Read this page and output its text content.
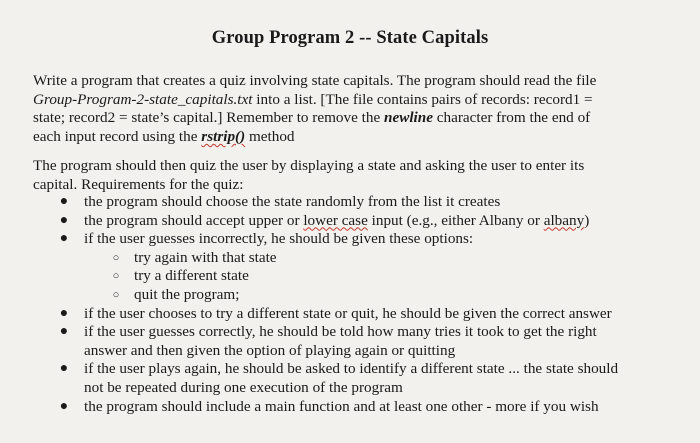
Group Program 2 -- State Capitals
Write a program that creates a quiz involving state capitals. The program should read the file
Group-Program-2-state_capitals.txt into a list. [The file contains pairs of records: record1 =
state; record2 = state’s capital.] Remember to remove the newline character from the end of
each input record using the rstrip() method
The program should then quiz the user by displaying a state and asking the user to enter its
capital. Requirements for the quiz:
● the program should choose the state randomly from the list it creates
● the program should accept upper or lower case input (e.g., either Albany or albany)
● if the user guesses incorrectly, he should be given these options:
○ try again with that state
○ try a different state
○ quit the program;
● if the user chooses to try a different state or quit, he should be given the correct answer
● if the user guesses correctly, he should be told how many tries it took to get the right
answer and then given the option of playing again or quitting
● if the user plays again, he should be asked to identify a different state ... the state should
not be repeated during one execution of the program
● the program should include a main function and at least one other - more if you wish
